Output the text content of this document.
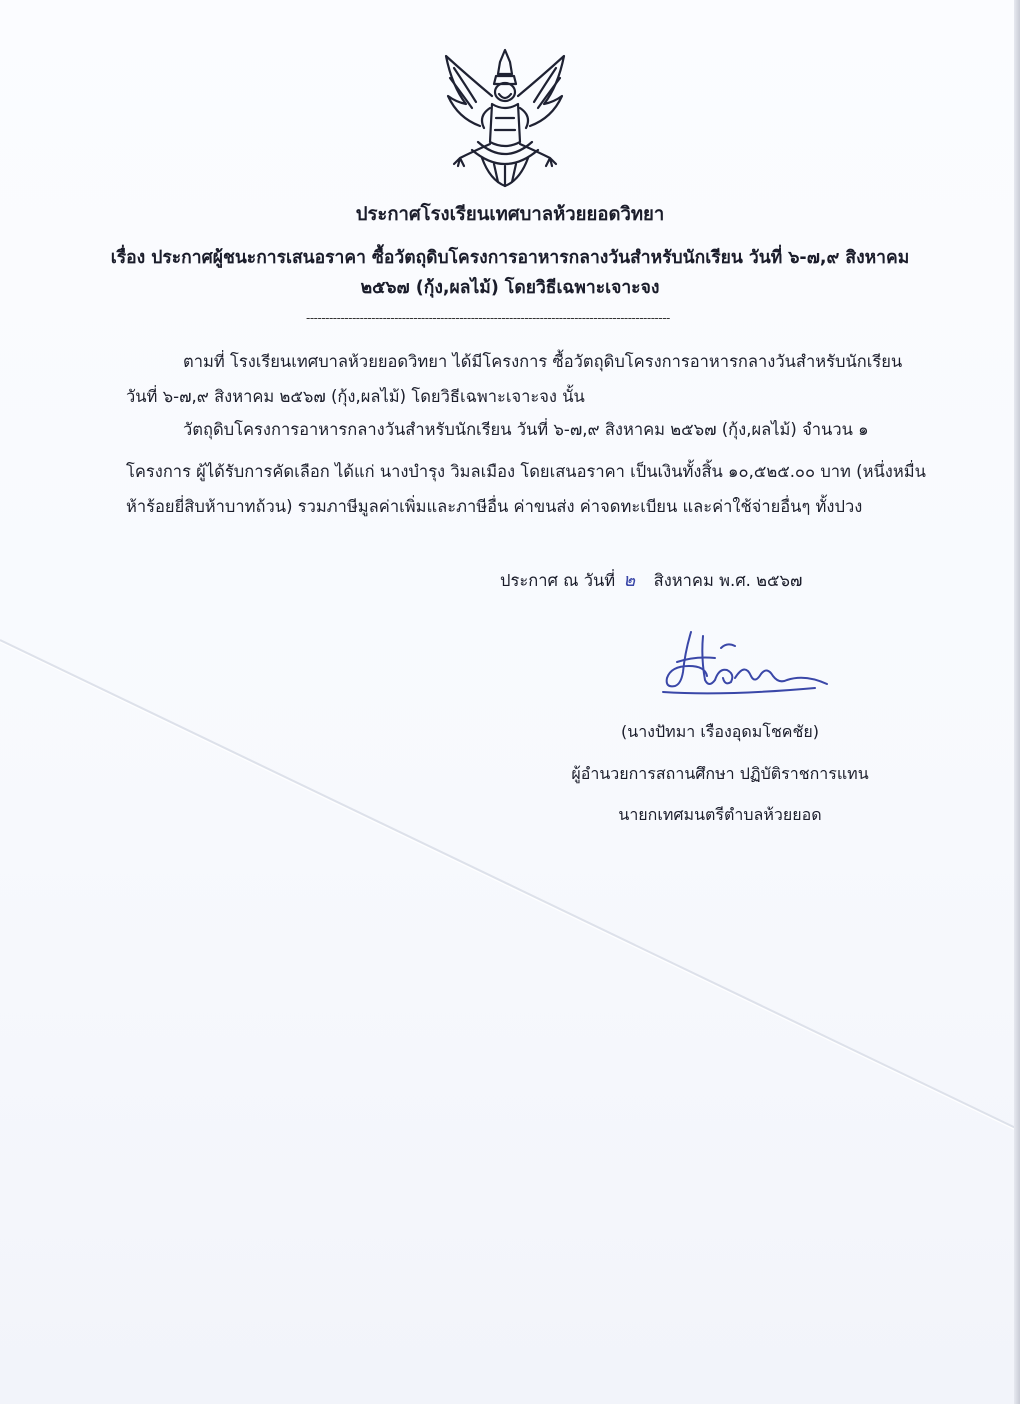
ประกาศโรงเรียนเทศบาลห้วยยอดวิทยา
เรื่อง ประกาศผู้ชนะการเสนอราคา ซื้อวัตถุดิบโครงการอาหารกลางวันสำหรับนักเรียน วันที่ ๖-๗,๙ สิงหาคม
๒๕๖๗ (กุ้ง,ผลไม้) โดยวิธีเฉพาะเจาะจง
-----------------------------------------------------------------------------------------------
ตามที่ โรงเรียนเทศบาลห้วยยอดวิทยา ได้มีโครงการ ซื้อวัตถุดิบโครงการอาหารกลางวันสำหรับนักเรียน
วันที่ ๖-๗,๙ สิงหาคม ๒๕๖๗ (กุ้ง,ผลไม้) โดยวิธีเฉพาะเจาะจง นั้น
วัตถุดิบโครงการอาหารกลางวันสำหรับนักเรียน วันที่ ๖-๗,๙ สิงหาคม ๒๕๖๗ (กุ้ง,ผลไม้) จำนวน ๑
โครงการ ผู้ได้รับการคัดเลือก ได้แก่ นางบำรุง วิมลเมือง โดยเสนอราคา เป็นเงินทั้งสิ้น ๑๐,๕๒๕.๐๐ บาท (หนึ่งหมื่น
ห้าร้อยยี่สิบห้าบาทถ้วน) รวมภาษีมูลค่าเพิ่มและภาษีอื่น ค่าขนส่ง ค่าจดทะเบียน และค่าใช้จ่ายอื่นๆ ทั้งปวง
ประกาศ ณ วันที่ ๒ สิงหาคม พ.ศ. ๒๕๖๗
(นางปัทมา เรืองอุดมโชคชัย)
ผู้อำนวยการสถานศึกษา ปฏิบัติราชการแทน
นายกเทศมนตรีตำบลห้วยยอด
